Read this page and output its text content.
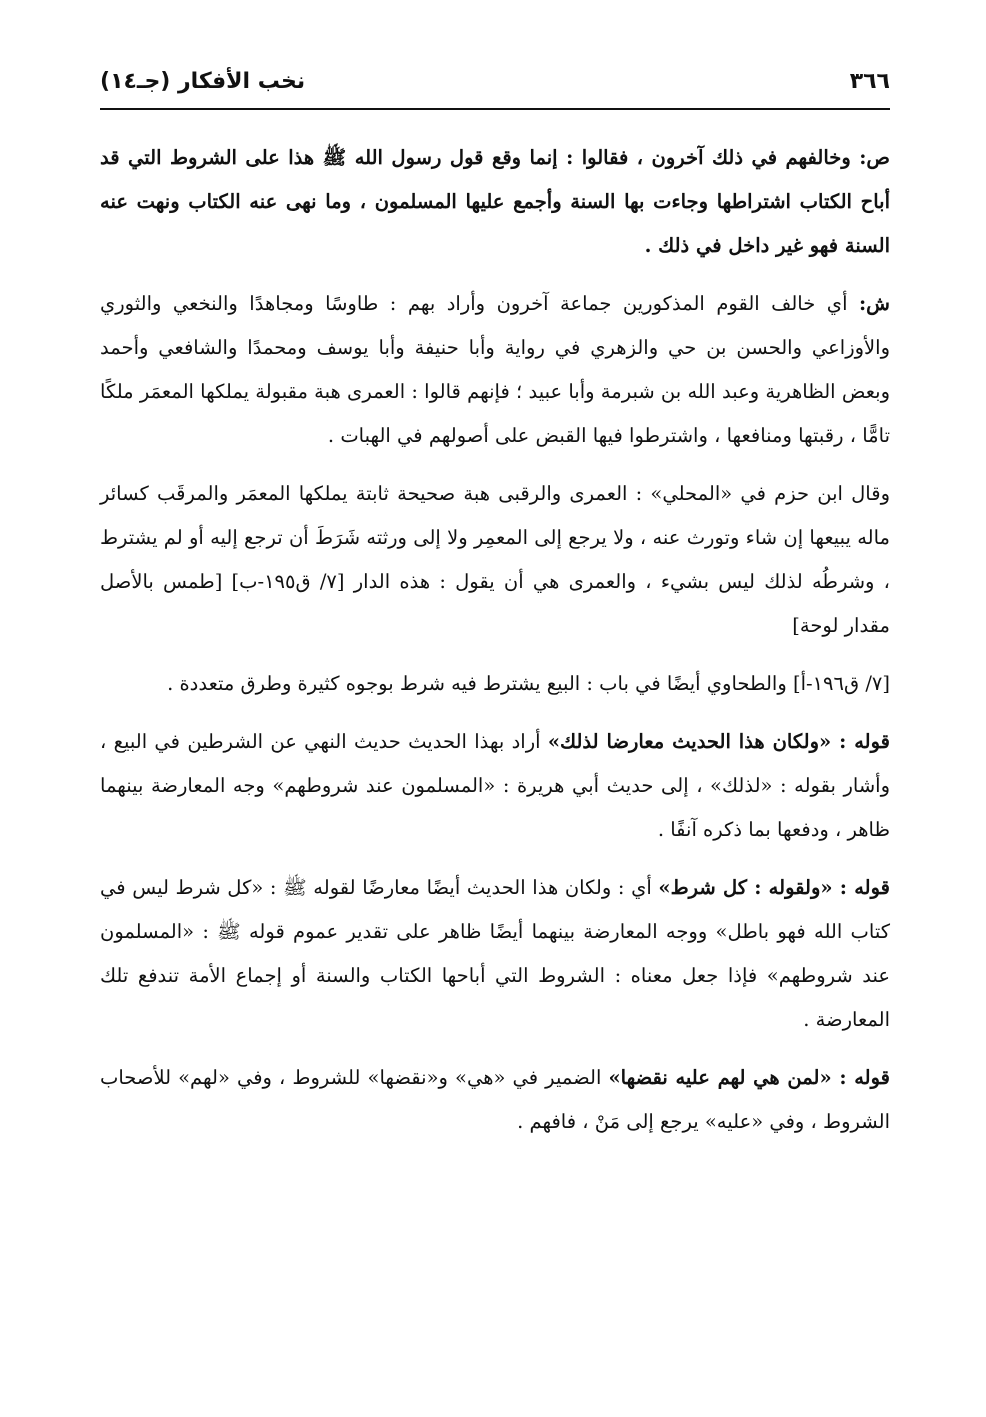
٣٦٦
نخب الأفكار (جـ١٤)

ص: وخالفهم في ذلك آخرون ، فقالوا : إنما وقع قول رسول الله ﷺ هذا على الشروط التي قد أباح الكتاب اشتراطها وجاءت بها السنة وأجمع عليها المسلمون ، وما نهى عنه الكتاب ونهت عنه السنة فهو غير داخل في ذلك .

ش: أي خالف القوم المذكورين جماعة آخرون وأراد بهم : طاوسًا ومجاهدًا والنخعي والثوري والأوزاعي والحسن بن حي والزهري في رواية وأبا حنيفة وأبا يوسف ومحمدًا والشافعي وأحمد وبعض الظاهرية وعبد الله بن شبرمة وأبا عبيد ؛ فإنهم قالوا : العمرى هبة مقبولة يملكها المعمَر ملكًا تامًّا ، رقبتها ومنافعها ، واشترطوا فيها القبض على أصولهم في الهبات .

وقال ابن حزم في «المحلي» : العمرى والرقبى هبة صحيحة ثابتة يملكها المعمَر والمرقَب كسائر ماله يبيعها إن شاء وتورث عنه ، ولا يرجع إلى المعمِر ولا إلى ورثته شَرَطَ أن ترجع إليه أو لم يشترط ، وشرطُه لذلك ليس بشيء ، والعمرى هي أن يقول : هذه الدار [٧/ ق١٩٥-ب] [طمس بالأصل مقدار لوحة]

[٧/ ق١٩٦-أ] والطحاوي أيضًا في باب : البيع يشترط فيه شرط بوجوه كثيرة وطرق متعددة .

قوله : «ولكان هذا الحديث معارضا لذلك» أراد بهذا الحديث حديث النهي عن الشرطين في البيع ، وأشار بقوله : «لذلك» ، إلى حديث أبي هريرة : «المسلمون عند شروطهم» وجه المعارضة بينهما ظاهر ، ودفعها بما ذكره آنفًا .

قوله : «ولقوله : كل شرط» أي : ولكان هذا الحديث أيضًا معارضًا لقوله ﷺ : «كل شرط ليس في كتاب الله فهو باطل» ووجه المعارضة بينهما أيضًا ظاهر على تقدير عموم قوله ﷺ : «المسلمون عند شروطهم» فإذا جعل معناه : الشروط التي أباحها الكتاب والسنة أو إجماع الأمة تندفع تلك المعارضة .

قوله : «لمن هي لهم عليه نقضها» الضمير في «هي» و«نقضها» للشروط ، وفي «لهم» للأصحاب الشروط ، وفي «عليه» يرجع إلى مَنْ ، فافهم .
